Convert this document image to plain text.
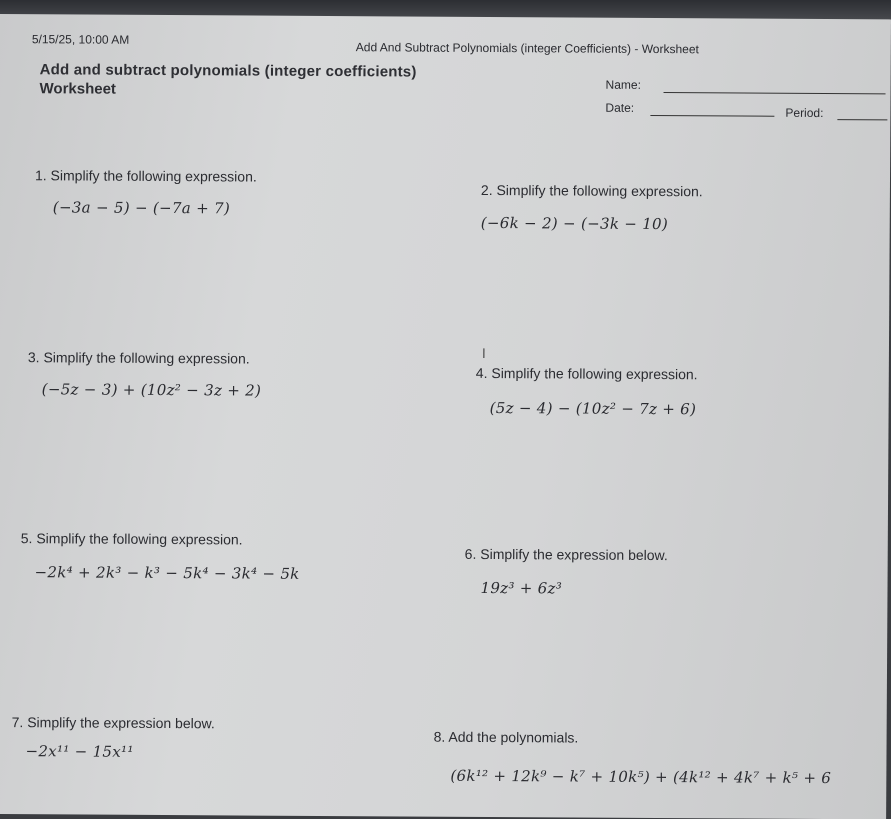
5/15/25, 10:00 AM
Add And Subtract Polynomials (integer Coefficients) - Worksheet
Add and subtract polynomials (integer coefficients)
Worksheet	Name:
Date:	Period:
1. Simplify the following expression.
(−3a − 5) − (−7a + 7)
2. Simplify the following expression.
(−6k − 2) − (−3k − 10)
3. Simplify the following expression.
(−5z − 3) + (10z² − 3z + 2)
I
4. Simplify the following expression.
(5z − 4) − (10z² − 7z + 6)
5. Simplify the following expression.
−2k⁴ + 2k³ − k³ − 5k⁴ − 3k⁴ − 5k
6. Simplify the expression below.
19z³ + 6z³
7. Simplify the expression below.
−2x¹¹ − 15x¹¹
8. Add the polynomials.
(6k¹² + 12k⁹ − k⁷ + 10k⁵) + (4k¹² + 4k⁷ + k⁵ + 6
